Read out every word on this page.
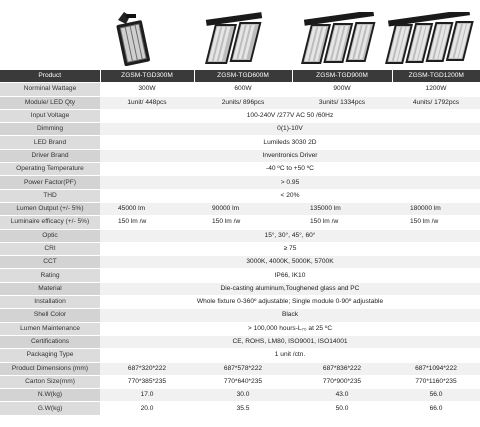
Product	ZGSM-TGD300M	ZGSM-TGD600M	ZGSM-TGD900M	ZGSM-TGD1200M
Norminal Wattage	300W	600W	900W	1200W
Module/ LED Qty	1unit/ 448pcs	2units/ 896pcs	3units/ 1334pcs	4units/ 1792pcs
Input Voltage	100-240V /277V AC 50 /60Hz			
Dimming	0(1)-10V			
LED Brand	Lumileds 3030 2D			
Driver Brand	Inventronics Driver			
Operating Temperature	-40 ºC to +50 ºC			
Power Factor(PF)	> 0.95			
THD	< 20%			
Lumen Output (+/- 5%)	45000 lm	90000 lm	135000 lm	180000 lm
Luminaire efficacy (+/- 5%)	150 lm /w	150 lm /w	150 lm /w	150 lm /w
Optic	15°, 30°, 45°, 60°			
CRI	≥ 75			
CCT	3000K, 4000K, 5000K, 5700K			
Rating	IP66, IK10			
Material	Die-casting aluminum,Toughened glass and PC			
Installation	Whole fixture 0-360º adjustable; Single module 0-90º adjustable			
Shell Color	Black			
Lumen Maintenance	> 100,000 hours-L₇₀ at 25 ºC			
Certifications	CE, ROHS, LM80, ISO9001, ISO14001			
Packaging Type	1 unit /ctn.			
Product Dimensions (mm)	687*320*222	687*578*222	687*836*222	687*1094*222
Carton Size(mm)	770*385*235	770*640*235	770*900*235	770*1160*235
N.W(kg)	17.0	30.0	43.0	56.0
G.W(kg)	20.0	35.5	50.0	66.0
